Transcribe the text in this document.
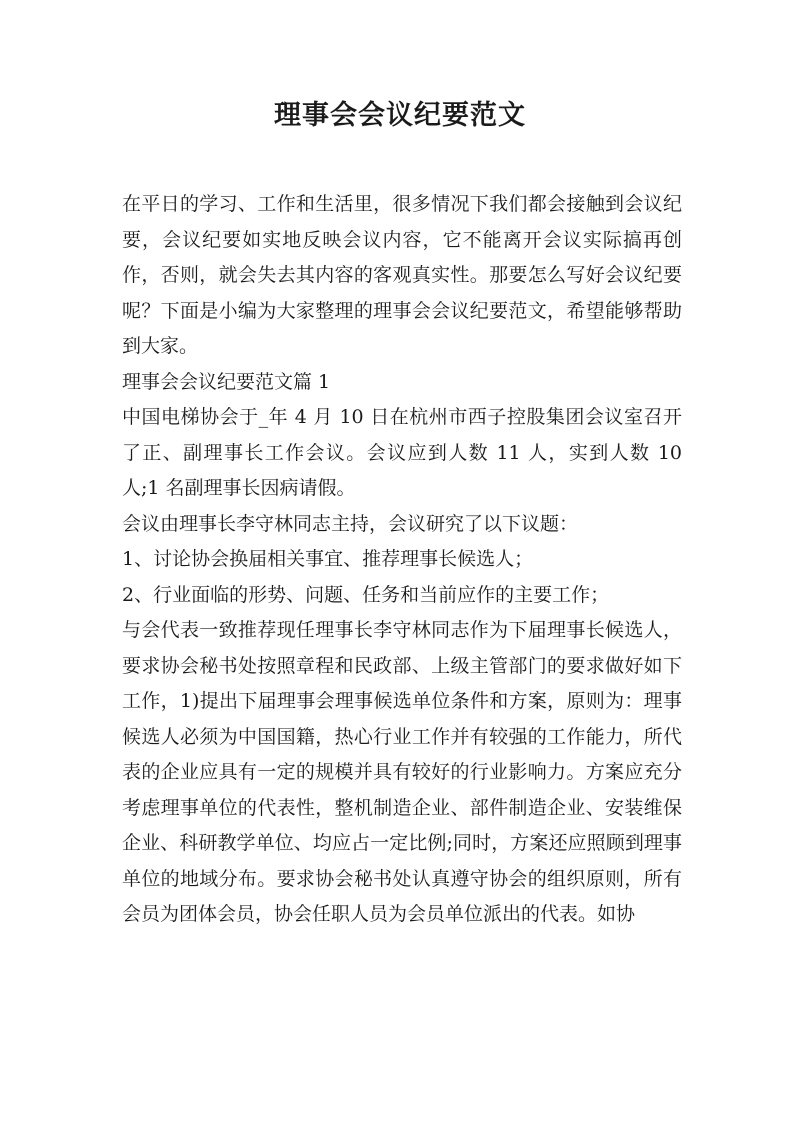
理事会会议纪要范文

在平日的学习、工作和生活里，很多情况下我们都会接触到会议纪要，会议纪要如实地反映会议内容，它不能离开会议实际搞再创作，否则，就会失去其内容的客观真实性。那要怎么写好会议纪要呢？下面是小编为大家整理的理事会会议纪要范文，希望能够帮助到大家。

理事会会议纪要范文篇 1

中国电梯协会于_年 4 月 10 日在杭州市西子控股集团会议室召开了正、副理事长工作会议。会议应到人数 11 人，实到人数 10 人;1 名副理事长因病请假。

会议由理事长李守林同志主持，会议研究了以下议题：

1、讨论协会换届相关事宜、推荐理事长候选人；

2、行业面临的形势、问题、任务和当前应作的主要工作；

与会代表一致推荐现任理事长李守林同志作为下届理事长候选人，要求协会秘书处按照章程和民政部、上级主管部门的要求做好如下工作，1)提出下届理事会理事候选单位条件和方案，原则为：理事候选人必须为中国国籍，热心行业工作并有较强的工作能力，所代表的企业应具有一定的规模并具有较好的行业影响力。方案应充分考虑理事单位的代表性，整机制造企业、部件制造企业、安装维保企业、科研教学单位、均应占一定比例;同时，方案还应照顾到理事单位的地域分布。要求协会秘书处认真遵守协会的组织原则，所有会员为团体会员，协会任职人员为会员单位派出的代表。如协
